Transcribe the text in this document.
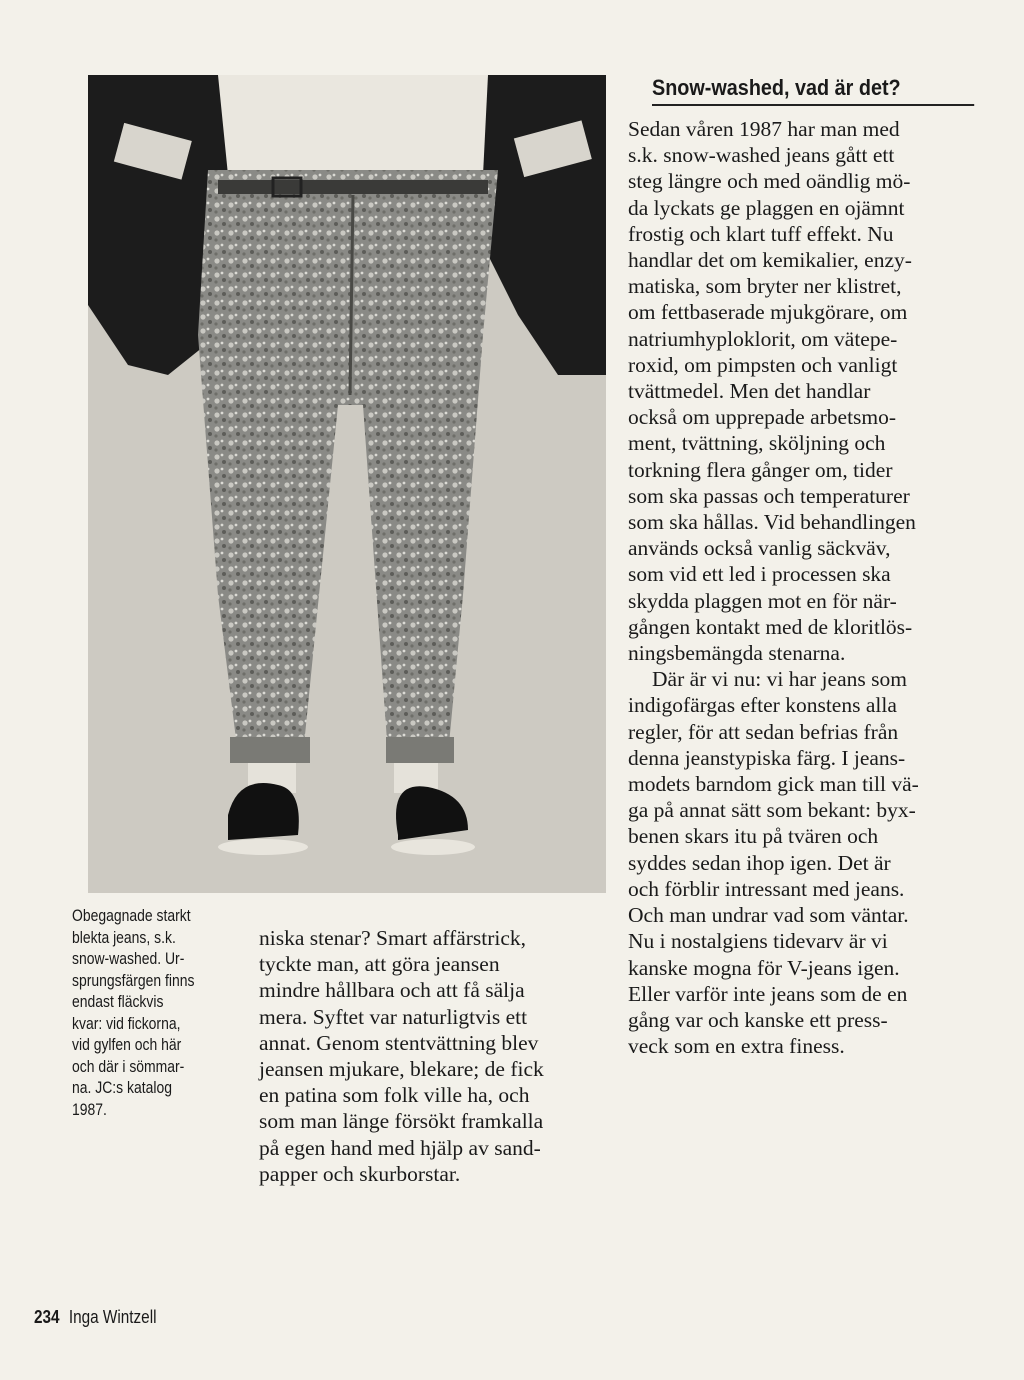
Obegagnade starkt
blekta jeans, s.k.
snow-washed. Ur-
sprungsfärgen finns
endast fläckvis
kvar: vid fickorna,
vid gylfen och här
och där i sömmar-
na. JC:s katalog
1987.
niska stenar? Smart affärstrick,
tyckte man, att göra jeansen
mindre hållbara och att få sälja
mera. Syftet var naturligtvis ett
annat. Genom stentvättning blev
jeansen mjukare, blekare; de fick
en patina som folk ville ha, och
som man länge försökt framkalla
på egen hand med hjälp av sand-
papper och skurborstar.
Snow-washed, vad är det?
Sedan våren 1987 har man med
s.k. snow-washed jeans gått ett
steg längre och med oändlig mö-
da lyckats ge plaggen en ojämnt
frostig och klart tuff effekt. Nu
handlar det om kemikalier, enzy-
matiska, som bryter ner klistret,
om fettbaserade mjukgörare, om
natriumhyploklorit, om vätepe-
roxid, om pimpsten och vanligt
tvättmedel. Men det handlar
också om upprepade arbetsmo-
ment, tvättning, sköljning och
torkning flera gånger om, tider
som ska passas och temperaturer
som ska hållas. Vid behandlingen
används också vanlig säckväv,
som vid ett led i processen ska
skydda plaggen mot en för när-
gången kontakt med de kloritlös-
ningsbemängda stenarna.
Där är vi nu: vi har jeans som
indigofärgas efter konstens alla
regler, för att sedan befrias från
denna jeanstypiska färg. I jeans-
modets barndom gick man till vä-
ga på annat sätt som bekant: byx-
benen skars itu på tvären och
syddes sedan ihop igen. Det är
och förblir intressant med jeans.
Och man undrar vad som väntar.
Nu i nostalgiens tidevarv är vi
kanske mogna för V-jeans igen.
Eller varför inte jeans som de en
gång var och kanske ett press-
veck som en extra finess.
234 Inga Wintzell
